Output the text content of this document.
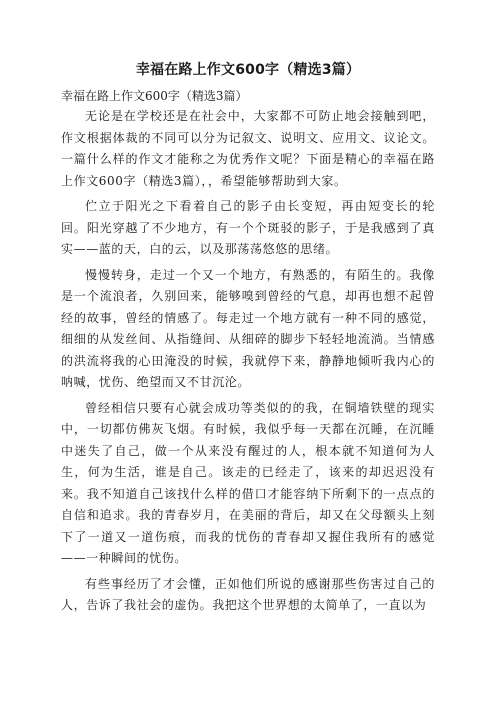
幸福在路上作文600字（精选3篇）

幸福在路上作文600字（精选3篇）

无论是在学校还是在社会中，大家都不可防止地会接触到吧，作文根据体裁的不同可以分为记叙文、说明文、应用文、议论文。一篇什么样的作文才能称之为优秀作文呢？下面是精心的幸福在路上作文600字（精选3篇），，希望能够帮助到大家。

伫立于阳光之下看着自己的影子由长变短，再由短变长的轮回。阳光穿越了不少地方，有一个个斑驳的影子，于是我感到了真实——蓝的天，白的云，以及那荡荡悠悠的思绪。

慢慢转身，走过一个又一个地方，有熟悉的，有陌生的。我像是一个流浪者，久别回来，能够嗅到曾经的气息，却再也想不起曾经的故事，曾经的情感了。每走过一个地方就有一种不同的感觉，细细的从发丝间、从指缝间、从细碎的脚步下轻轻地流淌。当情感的洪流将我的心田淹没的时候，我就停下来，静静地倾听我内心的呐喊，忧伤、绝望而又不甘沉沦。

曾经相信只要有心就会成功等类似的的我，在铜墙铁壁的现实中，一切都仿佛灰飞烟。有时候，我似乎每一天都在沉睡，在沉睡中迷失了自己，做一个从来没有醒过的人，根本就不知道何为人生，何为生活，谁是自己。该走的已经走了，该来的却迟迟没有来。我不知道自己该找什么样的借口才能容纳下所剩下的一点点的自信和追求。我的青春岁月，在美丽的背后，却又在父母额头上刻下了一道又一道伤痕，而我的忧伤的青春却又握住我所有的感觉——一种瞬间的忧伤。

有些事经历了才会懂，正如他们所说的感谢那些伤害过自己的人，告诉了我社会的虚伪。我把这个世界想的太简单了，一直以为
